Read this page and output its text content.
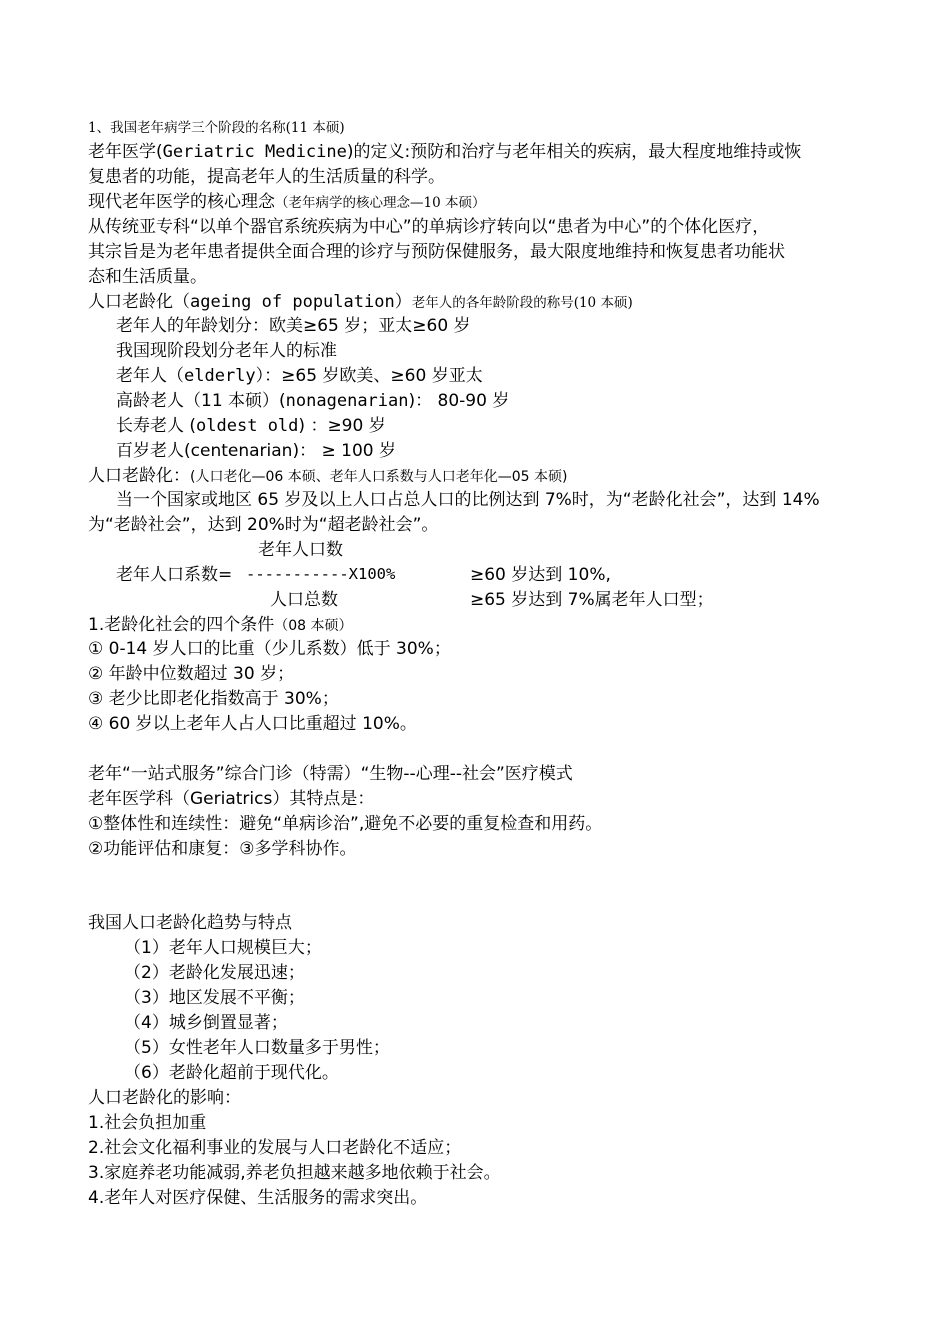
1、我国老年病学三个阶段的名称(11 本硕)
老年医学(Geriatric Medicine)的定义:预防和治疗与老年相关的疾病，最大程度地维持或恢
复患者的功能，提高老年人的生活质量的科学。
现代老年医学的核心理念（老年病学的核心理念—10 本硕）
从传统亚专科“以单个器官系统疾病为中心”的单病诊疗转向以“患者为中心”的个体化医疗，
其宗旨是为老年患者提供全面合理的诊疗与预防保健服务，最大限度地维持和恢复患者功能状
态和生活质量。
人口老龄化（ageing of population）老年人的各年龄阶段的称号(10 本硕)
老年人的年龄划分：欧美≥65 岁；亚太≥60 岁
我国现阶段划分老年人的标准
老年人（elderly）：≥65 岁欧美、≥60 岁亚太
高龄老人（11 本硕）(nonagenarian)： 80-90 岁
长寿老人 (oldest old) ：≥90 岁
百岁老人(centenarian)： ≥ 100 岁
人口老龄化：(人口老化—06 本硕、老年人口系数与人口老年化—05 本硕)
当一个国家或地区 65 岁及以上人口占总人口的比例达到 7%时，为“老龄化社会”，达到 14%
为“老龄社会”，达到 20%时为“超老龄社会”。
老年人口数
老年人口系数= -----------X100%	≥60 岁达到 10%,
人口总数	≥65 岁达到 7%属老年人口型；
1.老龄化社会的四个条件（08 本硕）
① 0-14 岁人口的比重（少儿系数）低于 30%；
② 年龄中位数超过 30 岁；
③ 老少比即老化指数高于 30%；
④ 60 岁以上老年人占人口比重超过 10%。
老年“一站式服务”综合门诊（特需）“生物--心理--社会”医疗模式
老年医学科（Geriatrics）其特点是：
①整体性和连续性：避免“单病诊治”,避免不必要的重复检查和用药。
②功能评估和康复：③多学科协作。
我国人口老龄化趋势与特点
（1）老年人口规模巨大；
（2）老龄化发展迅速；
（3）地区发展不平衡；
（4）城乡倒置显著；
（5）女性老年人口数量多于男性；
（6）老龄化超前于现代化。
人口老龄化的影响：
1.社会负担加重
2.社会文化福利事业的发展与人口老龄化不适应；
3.家庭养老功能减弱,养老负担越来越多地依赖于社会。
4.老年人对医疗保健、生活服务的需求突出。
